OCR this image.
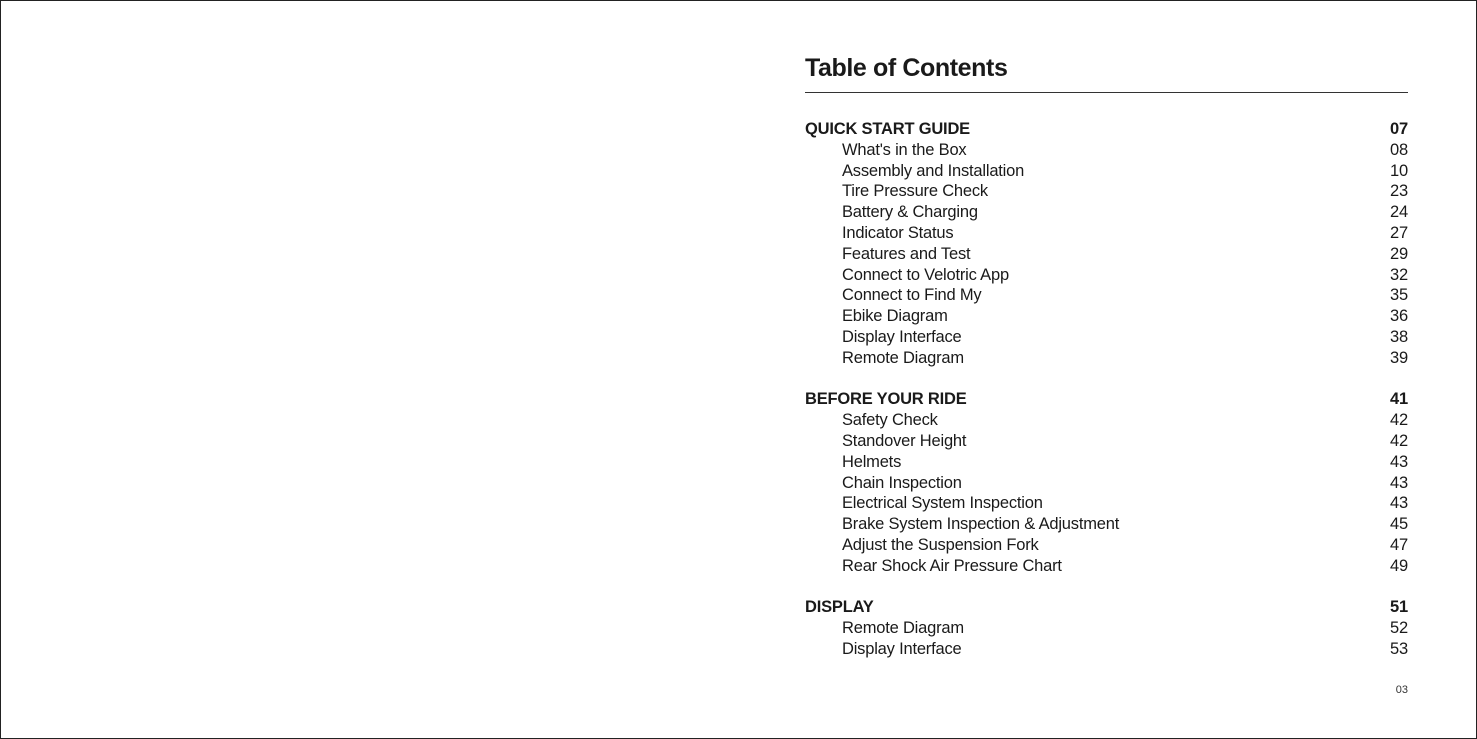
Table of Contents
QUICK START GUIDE	07
What's in the Box	08
Assembly and Installation	10
Tire Pressure Check	23
Battery & Charging	24
Indicator Status	27
Features and Test	29
Connect to Velotric App	32
Connect to Find My	35
Ebike Diagram	36
Display Interface	38
Remote Diagram	39
BEFORE YOUR RIDE	41
Safety Check	42
Standover Height	42
Helmets	43
Chain Inspection	43
Electrical System Inspection	43
Brake System Inspection & Adjustment	45
Adjust the Suspension Fork	47
Rear Shock Air Pressure Chart	49
DISPLAY	51
Remote Diagram	52
Display Interface	53
03
